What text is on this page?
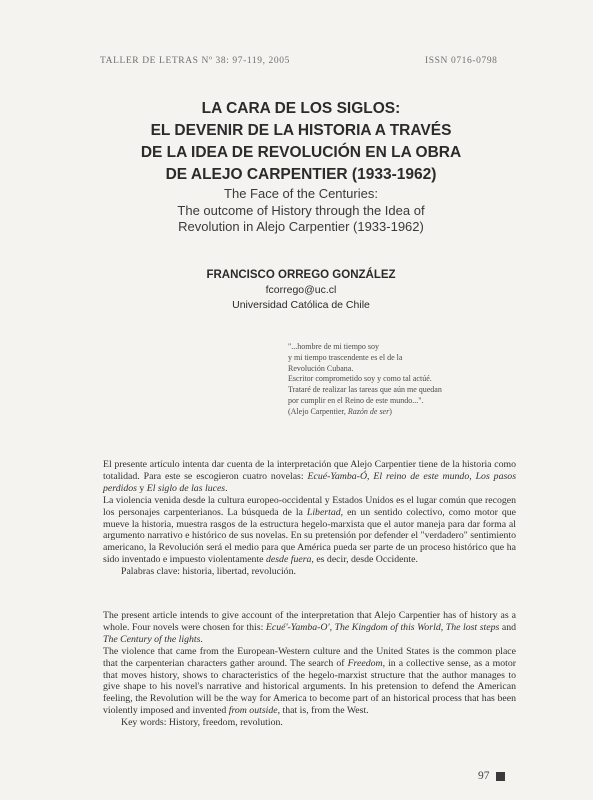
TALLER DE LETRAS Nº 38: 97-119, 2005	ISSN 0716-0798
LA CARA DE LOS SIGLOS:
EL DEVENIR DE LA HISTORIA A TRAVÉS
DE LA IDEA DE REVOLUCIÓN EN LA OBRA
DE ALEJO CARPENTIER (1933-1962)
The Face of the Centuries:
The outcome of History through the Idea of
Revolution in Alejo Carpentier (1933-1962)
FRANCISCO ORREGO GONZÁLEZ
fcorrego@uc.cl
Universidad Católica de Chile
"...hombre de mi tiempo soy
y mi tiempo trascendente es el de la
Revolución Cubana.
Escritor comprometido soy y como tal actúé.
Trataré de realizar las tareas que aún me quedan
por cumplir en el Reino de este mundo...".
(Alejo Carpentier, Razón de ser)

El presente artículo intenta dar cuenta de la interpretación que Alejo Carpentier tiene de la historia como totalidad. Para este se escogieron cuatro novelas: Ecué-Yamba-Ó, El reino de este mundo, Los pasos perdidos y El siglo de las luces.

La violencia venida desde la cultura europeo-occidental y Estados Unidos es el lugar común que recogen los personajes carpenterianos. La búsqueda de la Libertad, en un sentido colectivo, como motor que mueve la historia, muestra rasgos de la estructura hegelo-marxista que el autor maneja para dar forma al argumento narrativo e histórico de sus novelas. En su pretensión por defender el "verdadero" sentimiento americano, la Revolución será el medio para que América pueda ser parte de un proceso histórico que ha sido inventado e impuesto violentamente desde fuera, es decir, desde Occidente.

Palabras clave: historia, libertad, revolución.

The present article intends to give account of the interpretation that Alejo Carpentier has of history as a whole. Four novels were chosen for this: Ecué'-Yamba-O', The Kingdom of this World, The lost steps and The Century of the lights.

The violence that came from the European-Western culture and the United States is the common place that the carpenterian characters gather around. The search of Freedom, in a collective sense, as a motor that moves history, shows to characteristics of the hegelo-marxist structure that the author manages to give shape to his novel's narrative and historical arguments. In his pretension to defend the American feeling, the Revolution will be the way for America to become part of an historical process that has been violently imposed and invented from outside, that is, from the West.

Key words: History, freedom, revolution.

97
